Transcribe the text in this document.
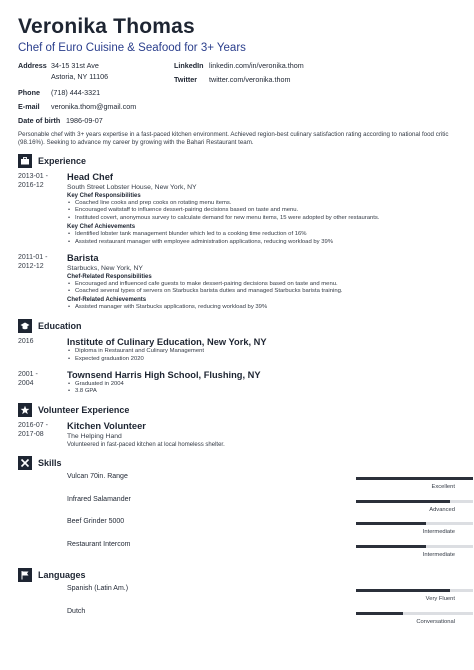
Veronika Thomas
Chef of Euro Cuisine & Seafood for 3+ Years
Address 34-15 31st Ave
Astoria, NY 11106
Phone (718) 444-3321
E-mail veronika.thom@gmail.com
Date of birth 1986-09-07
LinkedIn linkedin.com/in/veronika.thom
Twitter twitter.com/veronika.thom
Personable chef with 3+ years expertise in a fast-paced kitchen environment. Achieved region-best culinary satisfaction rating according to national food critic (98.16%). Seeking to advance my career by growing with the Bahari Restaurant team.
Experience
2013-01 -
2016-12
Head Chef
South Street Lobster House, New York, NY
Key Chef Responsibilities
• Coached line cooks and prep cooks on rotating menu items.
• Encouraged waitstaff to influence dessert-pairing decisions based on taste and menu.
• Instituted covert, anonymous survey to calculate demand for new menu items, 15 were adopted by other restaurants.
Key Chef Achievements
• Identified lobster tank management blunder which led to a cooking time reduction of 16%
• Assisted restaurant manager with employee administration applications, reducing workload by 39%
2011-01 -
2012-12
Barista
Starbucks, New York, NY
Chef-Related Responsibilities
• Encouraged and influenced cafe guests to make dessert-pairing decisions based on taste and menu.
• Coached several types of servers on Starbucks barista duties and managed Starbucks barista training.
Chef-Related Achievements
• Assisted manager with Starbucks applications, reducing workload by 39%
Education
2016	Institute of Culinary Education, New York, NY
• Diploma in Restaurant and Culinary Management
• Expected graduation 2020
2001 -
2004
Townsend Harris High School, Flushing, NY
• Graduated in 2004
• 3.8 GPA
Volunteer Experience
2016-07 -
2017-08
Kitchen Volunteer
The Helping Hand
Volunteered in fast-paced kitchen at local homeless shelter.
Skills
Vulcan 70in. Range
Excellent
Infrared Salamander
Advanced
Beef Grinder 5000
Intermediate
Restaurant Intercom
Intermediate
Languages
Spanish (Latin Am.)
Very Fluent
Dutch
Conversational
